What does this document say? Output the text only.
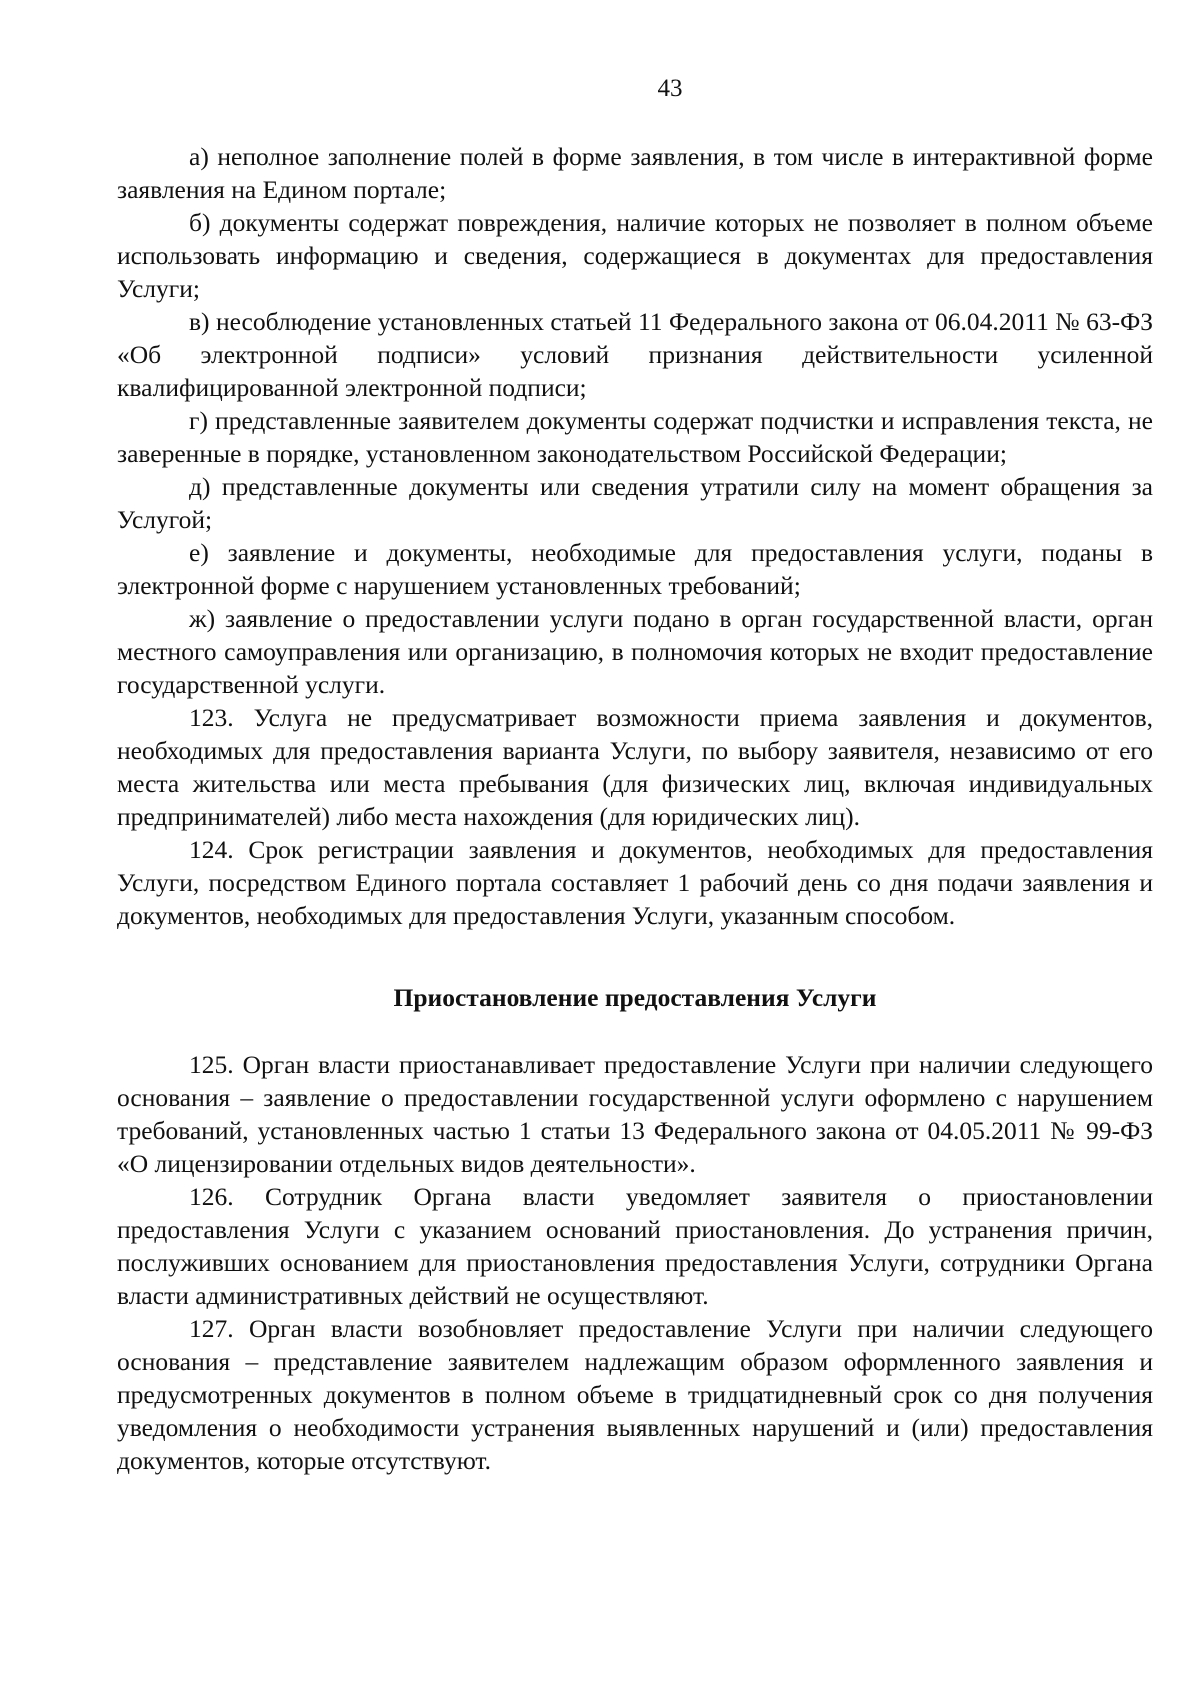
43

а) неполное заполнение полей в форме заявления, в том числе в интерактивной форме заявления на Едином портале;

б) документы содержат повреждения, наличие которых не позволяет в полном объеме использовать информацию и сведения, содержащиеся в документах для предоставления Услуги;

в) несоблюдение установленных статьей 11 Федерального закона от 06.04.2011 № 63-ФЗ «Об электронной подписи» условий признания действительности усиленной квалифицированной электронной подписи;

г) представленные заявителем документы содержат подчистки и исправления текста, не заверенные в порядке, установленном законодательством Российской Федерации;

д) представленные документы или сведения утратили силу на момент обращения за Услугой;

е) заявление и документы, необходимые для предоставления услуги, поданы в электронной форме с нарушением установленных требований;

ж) заявление о предоставлении услуги подано в орган государственной власти, орган местного самоуправления или организацию, в полномочия которых не входит предоставление государственной услуги.

123. Услуга не предусматривает возможности приема заявления и документов, необходимых для предоставления варианта Услуги, по выбору заявителя, независимо от его места жительства или места пребывания (для физических лиц, включая индивидуальных предпринимателей) либо места нахождения (для юридических лиц).

124. Срок регистрации заявления и документов, необходимых для предоставления Услуги, посредством Единого портала составляет 1 рабочий день со дня подачи заявления и документов, необходимых для предоставления Услуги, указанным способом.

Приостановление предоставления Услуги

125. Орган власти приостанавливает предоставление Услуги при наличии следующего основания – заявление о предоставлении государственной услуги оформлено с нарушением требований, установленных частью 1 статьи 13 Федерального закона от 04.05.2011 № 99-ФЗ «О лицензировании отдельных видов деятельности».

126. Сотрудник Органа власти уведомляет заявителя о приостановлении предоставления Услуги с указанием оснований приостановления. До устранения причин, послуживших основанием для приостановления предоставления Услуги, сотрудники Органа власти административных действий не осуществляют.

127. Орган власти возобновляет предоставление Услуги при наличии следующего основания – представление заявителем надлежащим образом оформленного заявления и предусмотренных документов в полном объеме в тридцатидневный срок со дня получения уведомления о необходимости устранения выявленных нарушений и (или) предоставления документов, которые отсутствуют.
